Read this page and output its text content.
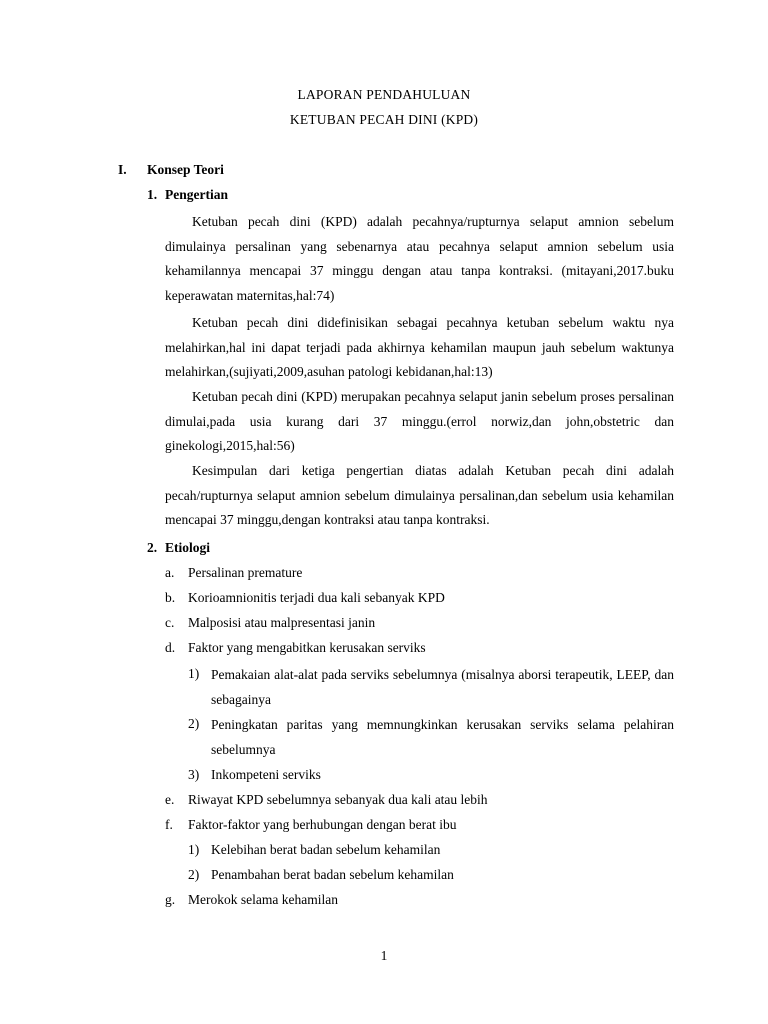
LAPORAN PENDAHULUAN
KETUBAN PECAH DINI (KPD)
I. Konsep Teori
1. Pengertian
Ketuban pecah dini (KPD) adalah pecahnya/rupturnya selaput amnion sebelum dimulainya persalinan yang sebenarnya atau pecahnya selaput amnion sebelum usia kehamilannya mencapai 37 minggu dengan atau tanpa kontraksi. (mitayani,2017.buku keperawatan maternitas,hal:74)
Ketuban pecah dini didefinisikan sebagai pecahnya ketuban sebelum waktu nya melahirkan,hal ini dapat terjadi pada akhirnya kehamilan maupun jauh sebelum waktunya melahirkan,(sujiyati,2009,asuhan patologi kebidanan,hal:13)
Ketuban pecah dini (KPD) merupakan pecahnya selaput janin sebelum proses persalinan dimulai,pada usia kurang dari 37 minggu.(errol norwiz,dan john,obstetric dan ginekologi,2015,hal:56)
Kesimpulan dari ketiga pengertian diatas adalah Ketuban pecah dini adalah pecah/rupturnya selaput amnion sebelum dimulainya persalinan,dan sebelum usia kehamilan mencapai 37 minggu,dengan kontraksi atau tanpa kontraksi.
2. Etiologi
a. Persalinan premature
b. Korioamnionitis terjadi dua kali sebanyak KPD
c. Malposisi atau malpresentasi janin
d. Faktor yang mengabitkan kerusakan serviks
1) Pemakaian alat-alat pada serviks sebelumnya (misalnya aborsi terapeutik, LEEP, dan sebagainya
2) Peningkatan paritas yang memnungkinkan kerusakan serviks selama pelahiran sebelumnya
3) Inkompeteni serviks
e. Riwayat KPD sebelumnya sebanyak dua kali atau lebih
f. Faktor-faktor yang berhubungan dengan berat ibu
1) Kelebihan berat badan sebelum kehamilan
2) Penambahan berat badan sebelum kehamilan
g. Merokok selama kehamilan
1
